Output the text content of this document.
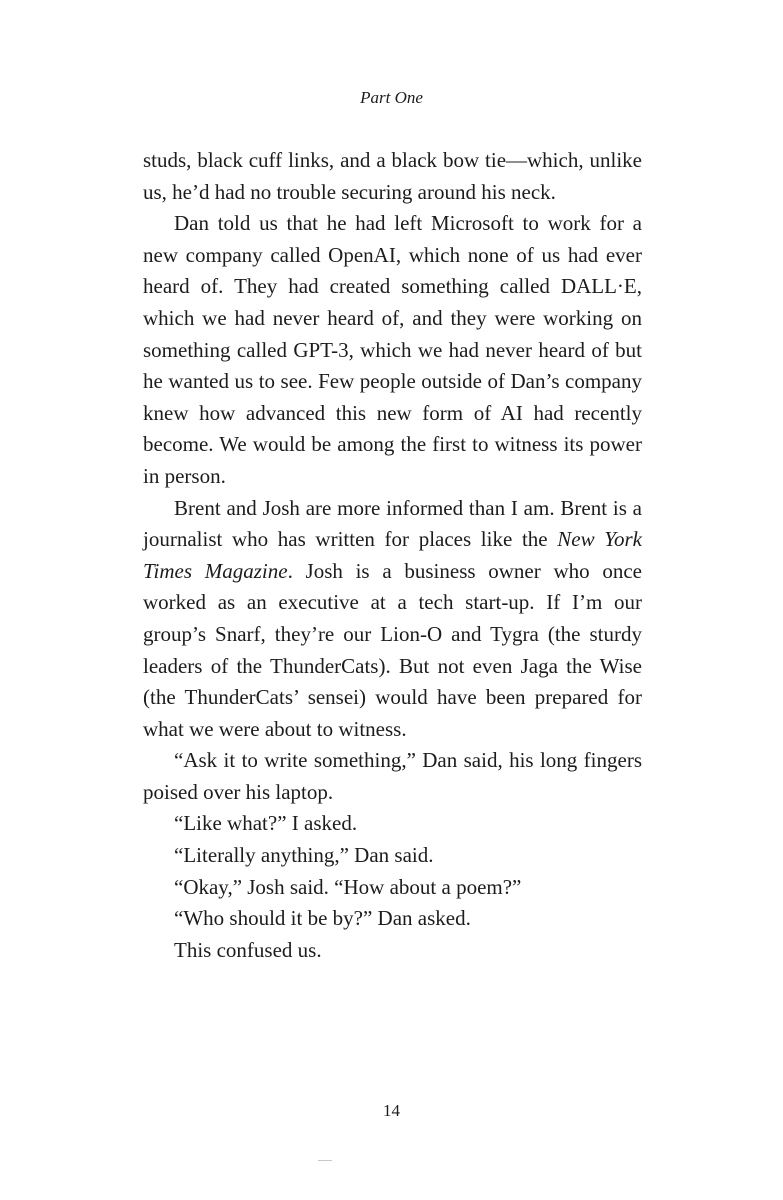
Part One

studs, black cuff links, and a black bow tie—which, unlike us, he’d had no trouble securing around his neck.

Dan told us that he had left Microsoft to work for a new company called OpenAI, which none of us had ever heard of. They had created something called DALL·E, which we had never heard of, and they were working on something called GPT-3, which we had never heard of but he wanted us to see. Few people outside of Dan’s company knew how advanced this new form of AI had recently become. We would be among the first to witness its power in person.

Brent and Josh are more informed than I am. Brent is a journalist who has written for places like the New York Times Magazine. Josh is a business owner who once worked as an executive at a tech start-up. If I’m our group’s Snarf, they’re our Lion-O and Tygra (the sturdy leaders of the ThunderCats). But not even Jaga the Wise (the ThunderCats’ sensei) would have been prepared for what we were about to witness.

“Ask it to write something,” Dan said, his long fingers poised over his laptop.

“Like what?” I asked.

“Literally anything,” Dan said.

“Okay,” Josh said. “How about a poem?”

“Who should it be by?” Dan asked.

This confused us.

14
